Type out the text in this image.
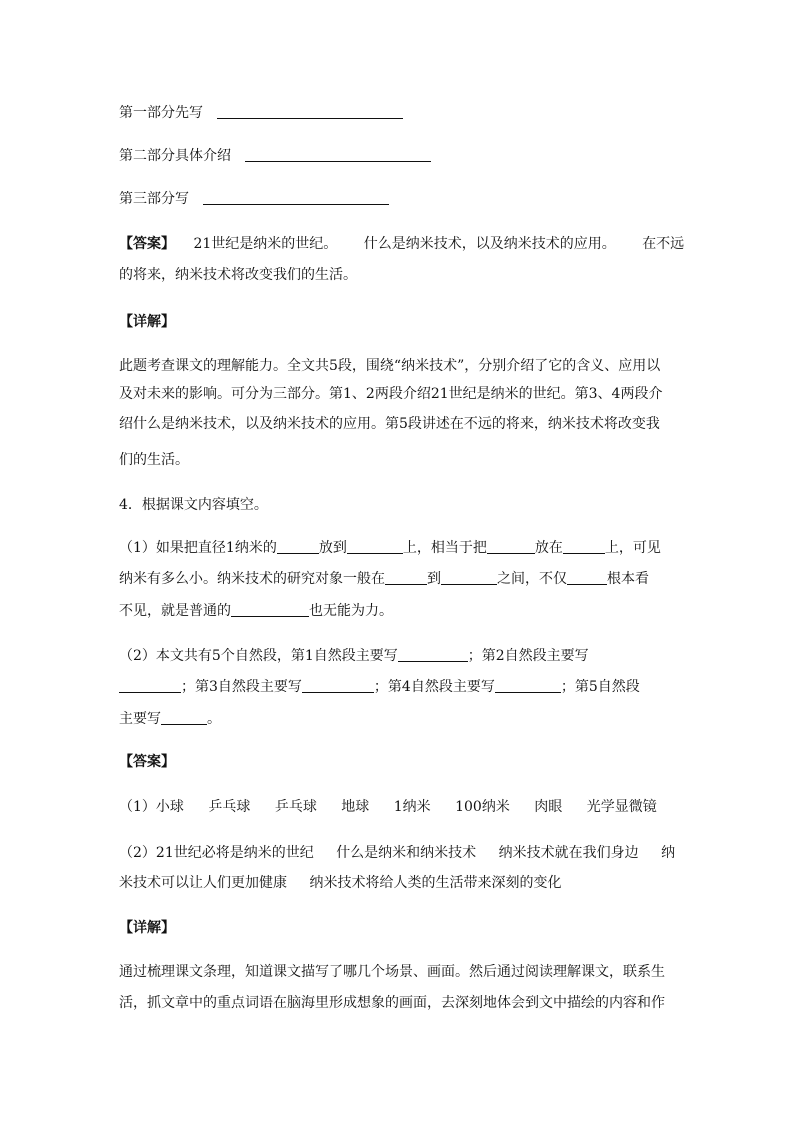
第一部分先写
第二部分具体介绍
第三部分写
【答案】 21世纪是纳米的世纪。 什么是纳米技术，以及纳米技术的应用。 在不远
的将来，纳米技术将改变我们的生活。
【详解】
此题考查课文的理解能力。全文共5段，围绕“纳米技术”，分别介绍了它的含义、应用以
及对未来的影响。可分为三部分。第1、2两段介绍21世纪是纳米的世纪。第3、4两段介
绍什么是纳米技术，以及纳米技术的应用。第5段讲述在不远的将来，纳米技术将改变我
们的生活。
4．根据课文内容填空。
（1）如果把直径1纳米的	放到	上，相当于把	放在	上，可见
纳米有多么小。纳米技术的研究对象一般在	到	之间，不仅	根本看
不见，就是普通的	也无能为力。
（2）本文共有5个自然段，第1自然段主要写	；第2自然段主要写
；第3自然段主要写	；第4自然段主要写	；第5自然段
主要写	。
【答案】
（1）小球 乒乓球 乒乓球 地球 1纳米 100纳米 肉眼 光学显微镜
（2）21世纪必将是纳米的世纪 什么是纳米和纳米技术 纳米技术就在我们身边 纳
米技术可以让人们更加健康 纳米技术将给人类的生活带来深刻的变化
【详解】
通过梳理课文条理，知道课文描写了哪几个场景、画面。然后通过阅读理解课文，联系生
活，抓文章中的重点词语在脑海里形成想象的画面，去深刻地体会到文中描绘的内容和作
